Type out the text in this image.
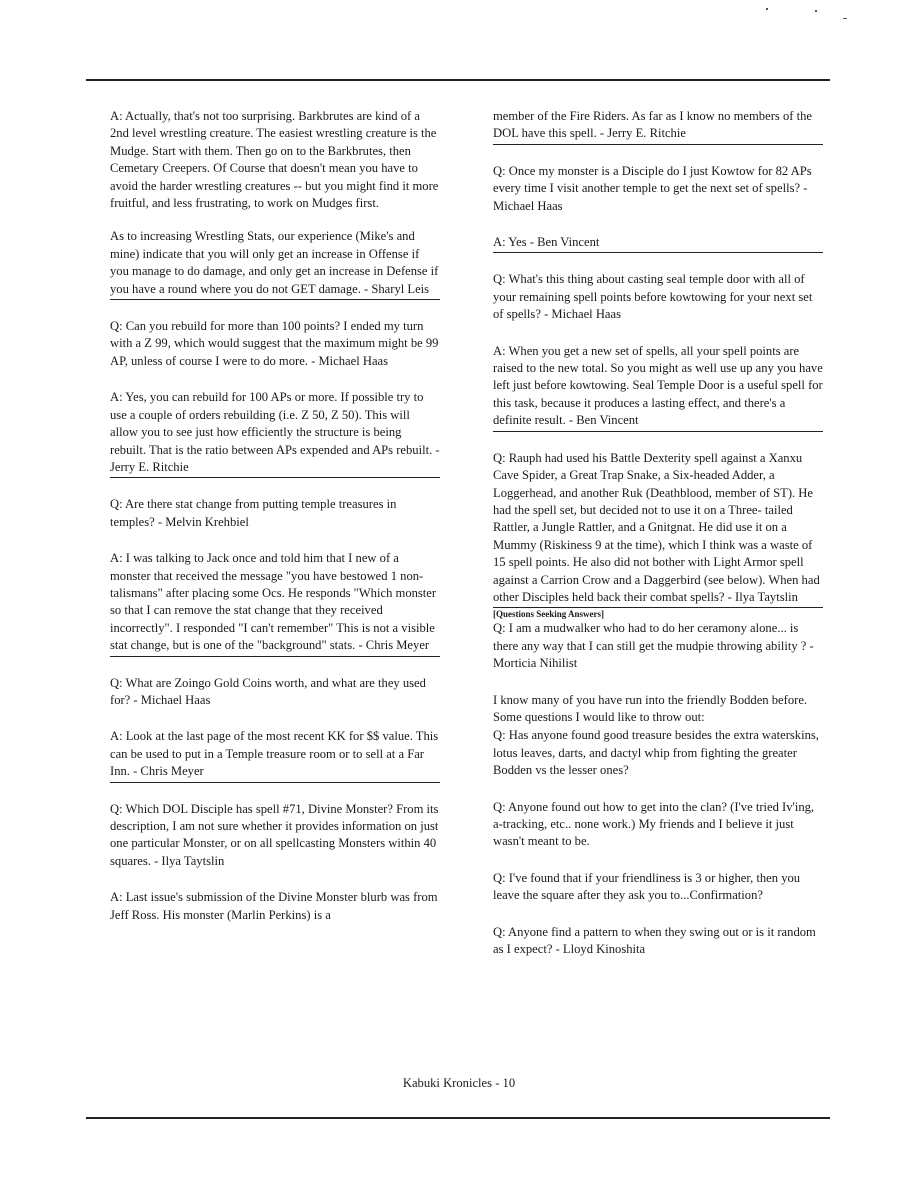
A: Actually, that's not too surprising. Barkbrutes are kind of a 2nd level wrestling creature. The easiest wrestling creature is the Mudge. Start with them. Then go on to the Barkbrutes, then Cemetary Creepers. Of Course that doesn't mean you have to avoid the harder wrestling creatures -- but you might find it more fruitful, and less frustrating, to work on Mudges first.
As to increasing Wrestling Stats, our experience (Mike's and mine) indicate that you will only get an increase in Offense if you manage to do damage, and only get an increase in Defense if you have a round where you do not GET damage. - Sharyl Leis
Q: Can you rebuild for more than 100 points? I ended my turn with a Z 99, which would suggest that the maximum might be 99 AP, unless of course I were to do more. - Michael Haas
A: Yes, you can rebuild for 100 APs or more. If possible try to use a couple of orders rebuilding (i.e. Z 50, Z 50). This will allow you to see just how efficiently the structure is being rebuilt. That is the ratio between APs expended and APs rebuilt. - Jerry E. Ritchie
Q: Are there stat change from putting temple treasures in temples? - Melvin Krehbiel
A: I was talking to Jack once and told him that I new of a monster that received the message "you have bestowed 1 non-talismans" after placing some Ocs. He responds "Which monster so that I can remove the stat change that they received incorrectly". I responded "I can't remember" This is not a visible stat change, but is one of the "background" stats. - Chris Meyer
Q: What are Zoingo Gold Coins worth, and what are they used for? - Michael Haas
A: Look at the last page of the most recent KK for $$ value. This can be used to put in a Temple treasure room or to sell at a Far Inn. - Chris Meyer
Q: Which DOL Disciple has spell #71, Divine Monster? From its description, I am not sure whether it provides information on just one particular Monster, or on all spellcasting Monsters within 40 squares. - Ilya Taytslin
A: Last issue's submission of the Divine Monster blurb was from Jeff Ross. His monster (Marlin Perkins) is a
member of the Fire Riders. As far as I know no members of the DOL have this spell. - Jerry E. Ritchie
Q: Once my monster is a Disciple do I just Kowtow for 82 APs every time I visit another temple to get the next set of spells? - Michael Haas
A: Yes - Ben Vincent
Q: What's this thing about casting seal temple door with all of your remaining spell points before kowtowing for your next set of spells? - Michael Haas
A: When you get a new set of spells, all your spell points are raised to the new total. So you might as well use up any you have left just before kowtowing. Seal Temple Door is a useful spell for this task, because it produces a lasting effect, and there's a definite result. - Ben Vincent
Q: Rauph had used his Battle Dexterity spell against a Xanxu Cave Spider, a Great Trap Snake, a Six-headed Adder, a Loggerhead, and another Ruk (Deathblood, member of ST). He had the spell set, but decided not to use it on a Three- tailed Rattler, a Jungle Rattler, and a Gnitgnat. He did use it on a Mummy (Riskiness 9 at the time), which I think was a waste of 15 spell points. He also did not bother with Light Armor spell against a Carrion Crow and a Daggerbird (see below). When had other Disciples held back their combat spells? - Ilya Taytslin
[Questions Seeking Answers]
Q: I am a mudwalker who had to do her ceramony alone... is there any way that I can still get the mudpie throwing ability ? - Morticia Nihilist
I know many of you have run into the friendly Bodden before. Some questions I would like to throw out:
Q: Has anyone found good treasure besides the extra waterskins, lotus leaves, darts, and dactyl whip from fighting the greater Bodden vs the lesser ones?
Q: Anyone found out how to get into the clan? (I've tried Iv'ing, a-tracking, etc.. none work.) My friends and I believe it just wasn't meant to be.
Q: I've found that if your friendliness is 3 or higher, then you leave the square after they ask you to...Confirmation?
Q: Anyone find a pattern to when they swing out or is it random as I expect? - Lloyd Kinoshita
Kabuki Kronicles - 10
